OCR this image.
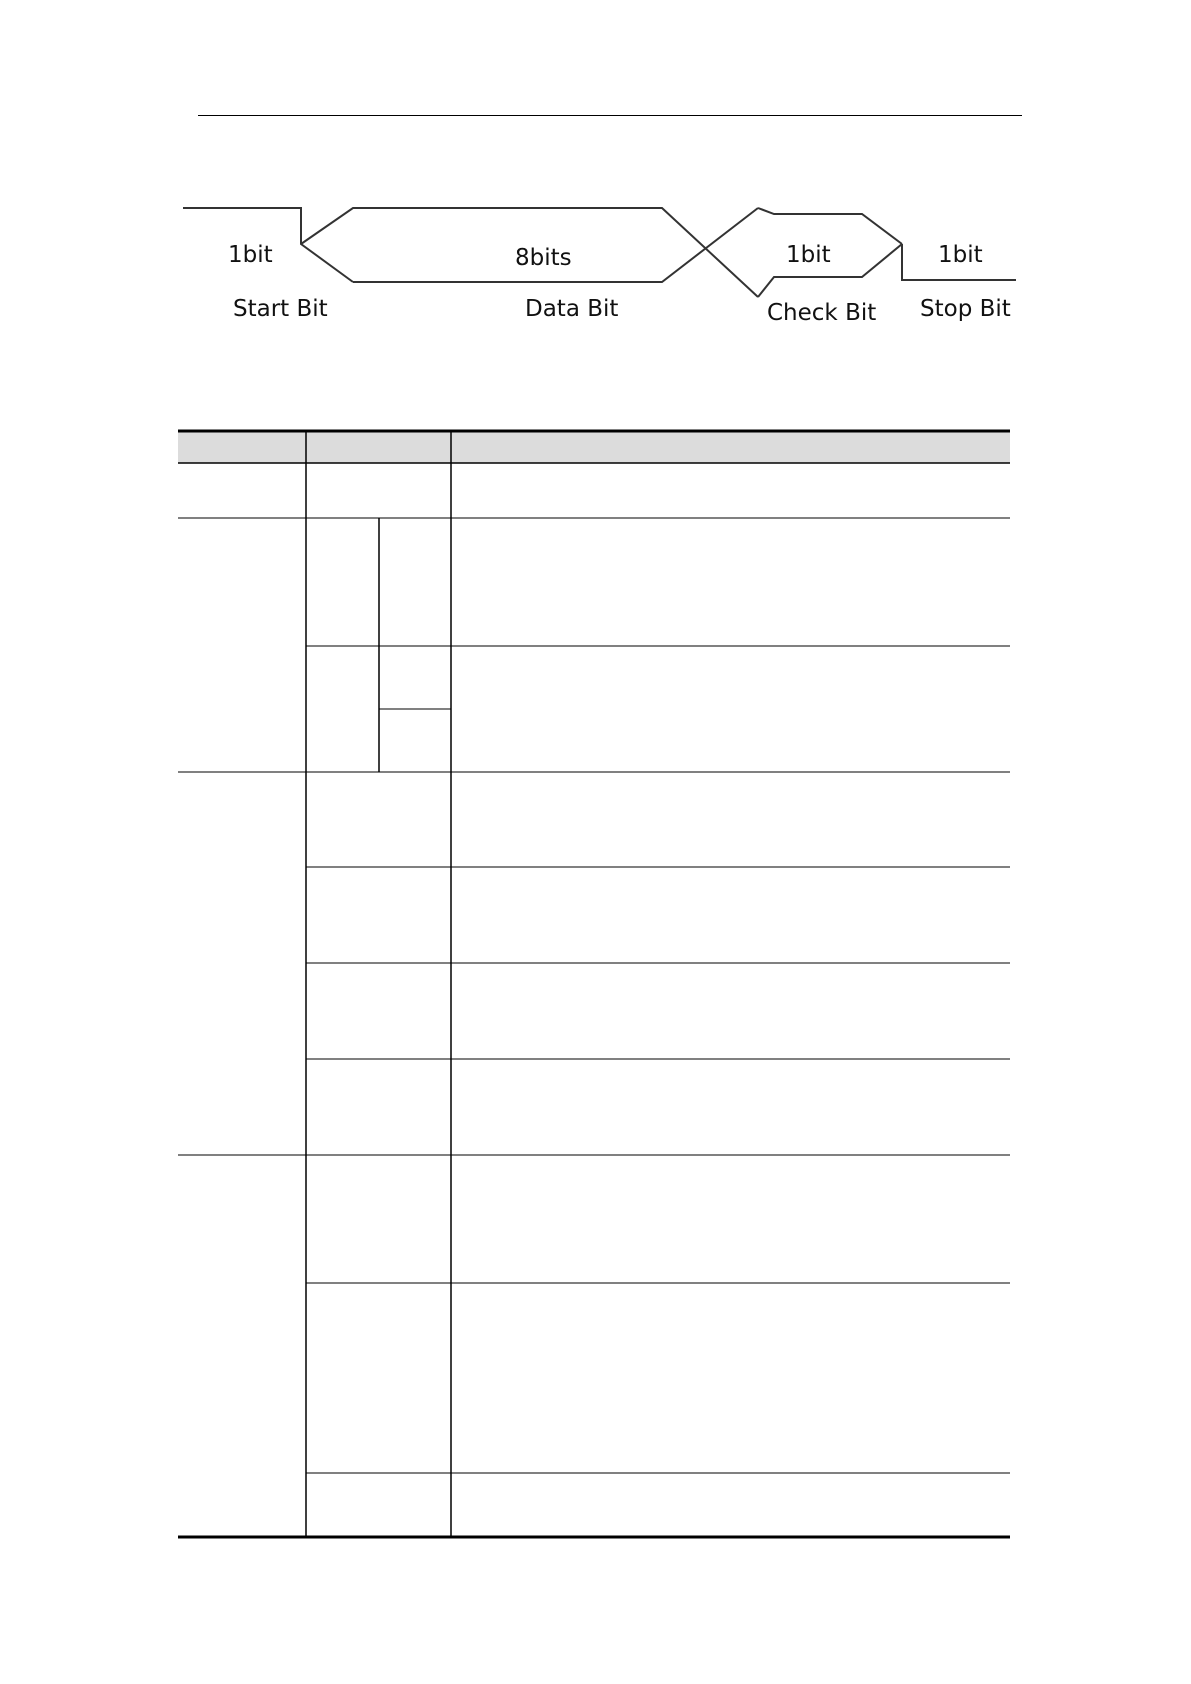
1bit
Start Bit
8bits
Data Bit
1bit
Check Bit
1bit
Stop Bit
